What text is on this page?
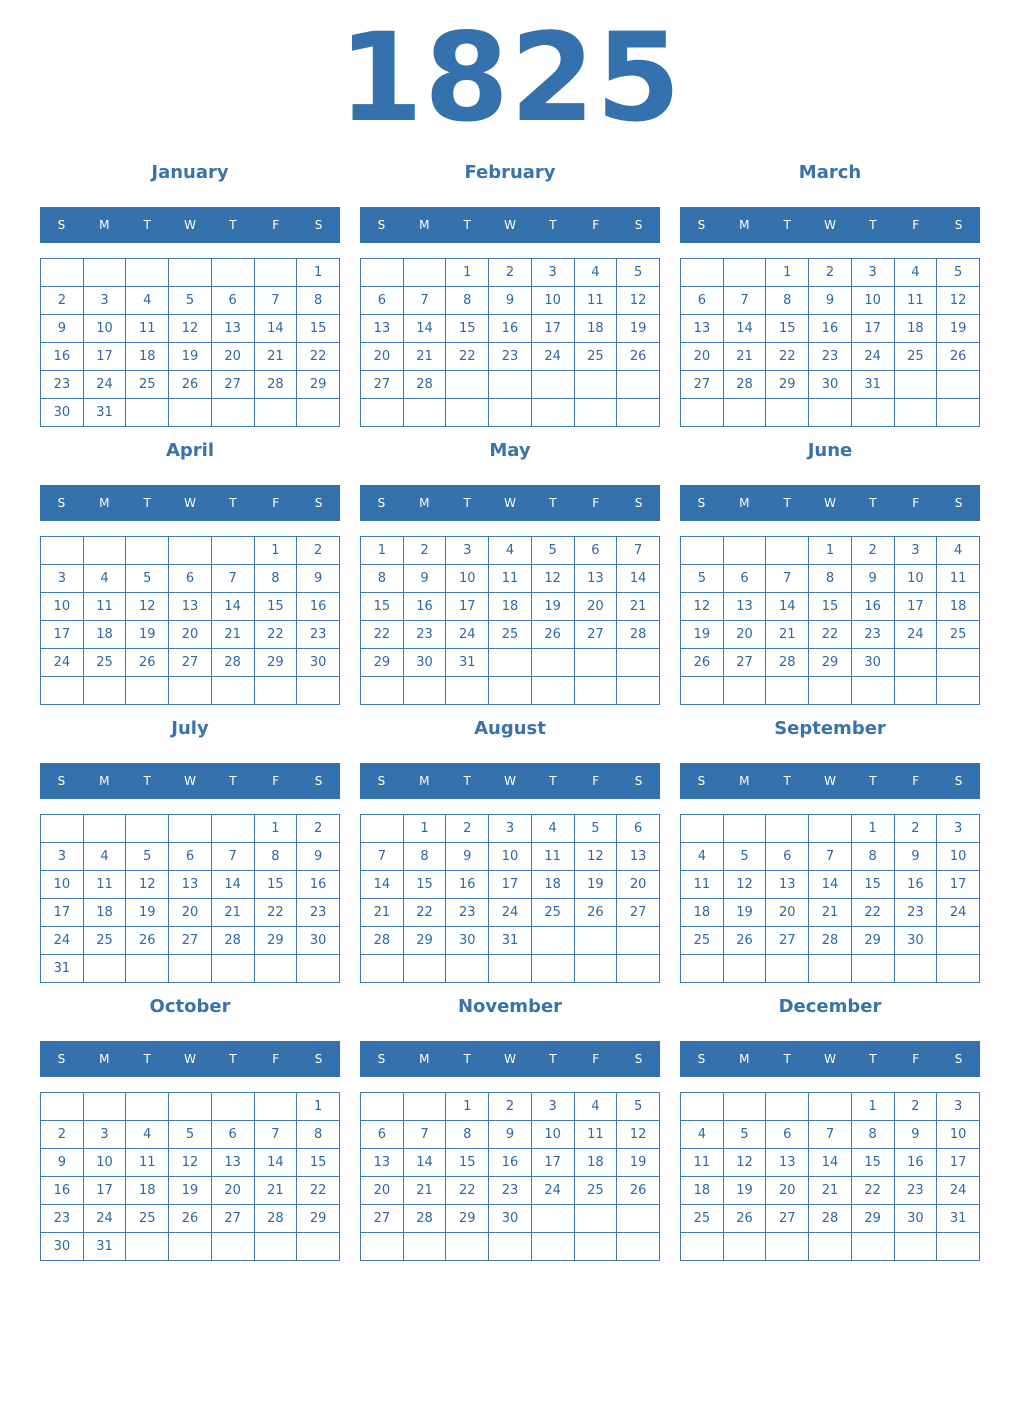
1825
January
S	M	T	W	T	F	S
						1
2	3	4	5	6	7	8
9	10	11	12	13	14	15
16	17	18	19	20	21	22
23	24	25	26	27	28	29
30	31					
February
S	M	T	W	T	F	S
		1	2	3	4	5
6	7	8	9	10	11	12
13	14	15	16	17	18	19
20	21	22	23	24	25	26
27	28					

March
S	M	T	W	T	F	S
		1	2	3	4	5
6	7	8	9	10	11	12
13	14	15	16	17	18	19
20	21	22	23	24	25	26
27	28	29	30	31		

April
S	M	T	W	T	F	S
					1	2
3	4	5	6	7	8	9
10	11	12	13	14	15	16
17	18	19	20	21	22	23
24	25	26	27	28	29	30

May
S	M	T	W	T	F	S
1	2	3	4	5	6	7
8	9	10	11	12	13	14
15	16	17	18	19	20	21
22	23	24	25	26	27	28
29	30	31				

June
S	M	T	W	T	F	S
			1	2	3	4
5	6	7	8	9	10	11
12	13	14	15	16	17	18
19	20	21	22	23	24	25
26	27	28	29	30		

July
S	M	T	W	T	F	S
					1	2
3	4	5	6	7	8	9
10	11	12	13	14	15	16
17	18	19	20	21	22	23
24	25	26	27	28	29	30
31						
August
S	M	T	W	T	F	S
	1	2	3	4	5	6
7	8	9	10	11	12	13
14	15	16	17	18	19	20
21	22	23	24	25	26	27
28	29	30	31			

September
S	M	T	W	T	F	S
				1	2	3
4	5	6	7	8	9	10
11	12	13	14	15	16	17
18	19	20	21	22	23	24
25	26	27	28	29	30	

October
S	M	T	W	T	F	S
						1
2	3	4	5	6	7	8
9	10	11	12	13	14	15
16	17	18	19	20	21	22
23	24	25	26	27	28	29
30	31					
November
S	M	T	W	T	F	S
		1	2	3	4	5
6	7	8	9	10	11	12
13	14	15	16	17	18	19
20	21	22	23	24	25	26
27	28	29	30			

December
S	M	T	W	T	F	S
				1	2	3
4	5	6	7	8	9	10
11	12	13	14	15	16	17
18	19	20	21	22	23	24
25	26	27	28	29	30	31
